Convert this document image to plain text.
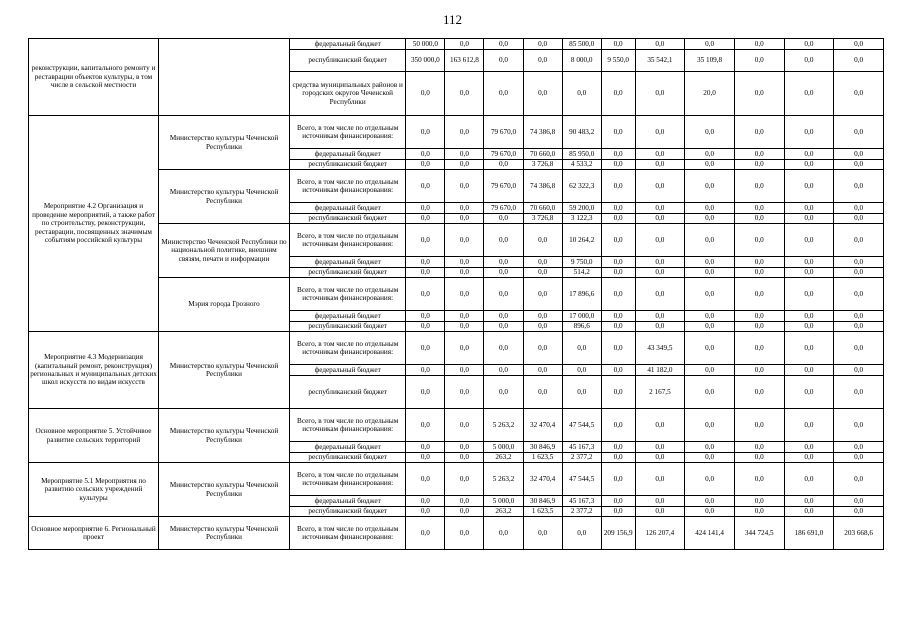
112
реконструкции, капитального ремонту и реставрации объектов культуры, в том числе в сельской местности		федеральный бюджет	50 000,0	0,0	0,0	0,0	85 500,0	0,0	0,0	0,0	0,0	0,0	0,0
		республиканский бюджет	350 000,0	163 612,8	0,0	0,0	8 000,0	9 550,0	35 542,1	35 109,8	0,0	0,0	0,0
		средства муниципальных районов и городских округов Чеченской Республики	0,0	0,0	0,0	0,0	0,0	0,0	0,0	20,0	0,0	0,0	0,0
Мероприятие 4.2 Организация и проведение мероприятий, а также работ по строительству, реконструкции, реставрации, посвященных значимым событиям российской культуры	Министерство культуры Чеченской Республики	Всего, в том числе по отдельным источникам финансирования:	0,0	0,0	79 670,0	74 386,8	90 483,2	0,0	0,0	0,0	0,0	0,0	0,0
		федеральный бюджет	0,0	0,0	79 670,0	70 660,0	85 950,0	0,0	0,0	0,0	0,0	0,0	0,0
		республиканский бюджет	0,0	0,0	0,0	3 726,8	4 533,2	0,0	0,0	0,0	0,0	0,0	0,0
	Министерство культуры Чеченской Республики	Всего, в том числе по отдельным источникам финансирования:	0,0	0,0	79 670,0	74 386,8	62 322,3	0,0	0,0	0,0	0,0	0,0	0,0
		федеральный бюджет	0,0	0,0	79 670,0	70 660,0	59 200,0	0,0	0,0	0,0	0,0	0,0	0,0
		республиканский бюджет	0,0	0,0	0,0	3 726,8	3 122,3	0,0	0,0	0,0	0,0	0,0	0,0
	Министерство Чеченской Республики по национальной политике, внешним связям, печати и информации	Всего, в том числе по отдельным источникам финансирования:	0,0	0,0	0,0	0,0	10 264,2	0,0	0,0	0,0	0,0	0,0	0,0
		федеральный бюджет	0,0	0,0	0,0	0,0	9 750,0	0,0	0,0	0,0	0,0	0,0	0,0
		республиканский бюджет	0,0	0,0	0,0	0,0	514,2	0,0	0,0	0,0	0,0	0,0	0,0
	Мэрия города Грозного	Всего, в том числе по отдельным источникам финансирования:	0,0	0,0	0,0	0,0	17 896,6	0,0	0,0	0,0	0,0	0,0	0,0
		федеральный бюджет	0,0	0,0	0,0	0,0	17 000,0	0,0	0,0	0,0	0,0	0,0	0,0
		республиканский бюджет	0,0	0,0	0,0	0,0	896,6	0,0	0,0	0,0	0,0	0,0	0,0
Мероприятие 4.3 Модернизация (капитальный ремонт, реконструкция) региональных и муниципальных детских школ искусств по видам искусств	Министерство культуры Чеченской Республики	Всего, в том числе по отдельным источникам финансирования:	0,0	0,0	0,0	0,0	0,0	0,0	43 349,5	0,0	0,0	0,0	0,0
		федеральный бюджет	0,0	0,0	0,0	0,0	0,0	0,0	41 182,0	0,0	0,0	0,0	0,0
		республиканский бюджет	0,0	0,0	0,0	0,0	0,0	0,0	2 167,5	0,0	0,0	0,0	0,0
Основное мероприятие 5. Устойчивое развитие сельских территорий	Министерство культуры Чеченской Республики	Всего, в том числе по отдельным источникам финансирования:	0,0	0,0	5 263,2	32 470,4	47 544,5	0,0	0,0	0,0	0,0	0,0	0,0
		федеральный бюджет	0,0	0,0	5 000,0	30 846,9	45 167,3	0,0	0,0	0,0	0,0	0,0	0,0
		республиканский бюджет	0,0	0,0	263,2	1 623,5	2 377,2	0,0	0,0	0,0	0,0	0,0	0,0
Мероприятие 5.1 Мероприятия по развитию сельских учреждений культуры	Министерство культуры Чеченской Республики	Всего, в том числе по отдельным источникам финансирования:	0,0	0,0	5 263,2	32 470,4	47 544,5	0,0	0,0	0,0	0,0	0,0	0,0
		федеральный бюджет	0,0	0,0	5 000,0	30 846,9	45 167,3	0,0	0,0	0,0	0,0	0,0	0,0
		республиканский бюджет	0,0	0,0	263,2	1 623,5	2 377,2	0,0	0,0	0,0	0,0	0,0	0,0
Основное мероприятие 6. Региональный проект	Министерство культуры Чеченской Республики	Всего, в том числе по отдельным источникам финансирования:	0,0	0,0	0,0	0,0	0,0	209 156,9	126 207,4	424 141,4	344 724,5	186 691,0	203 668,6
